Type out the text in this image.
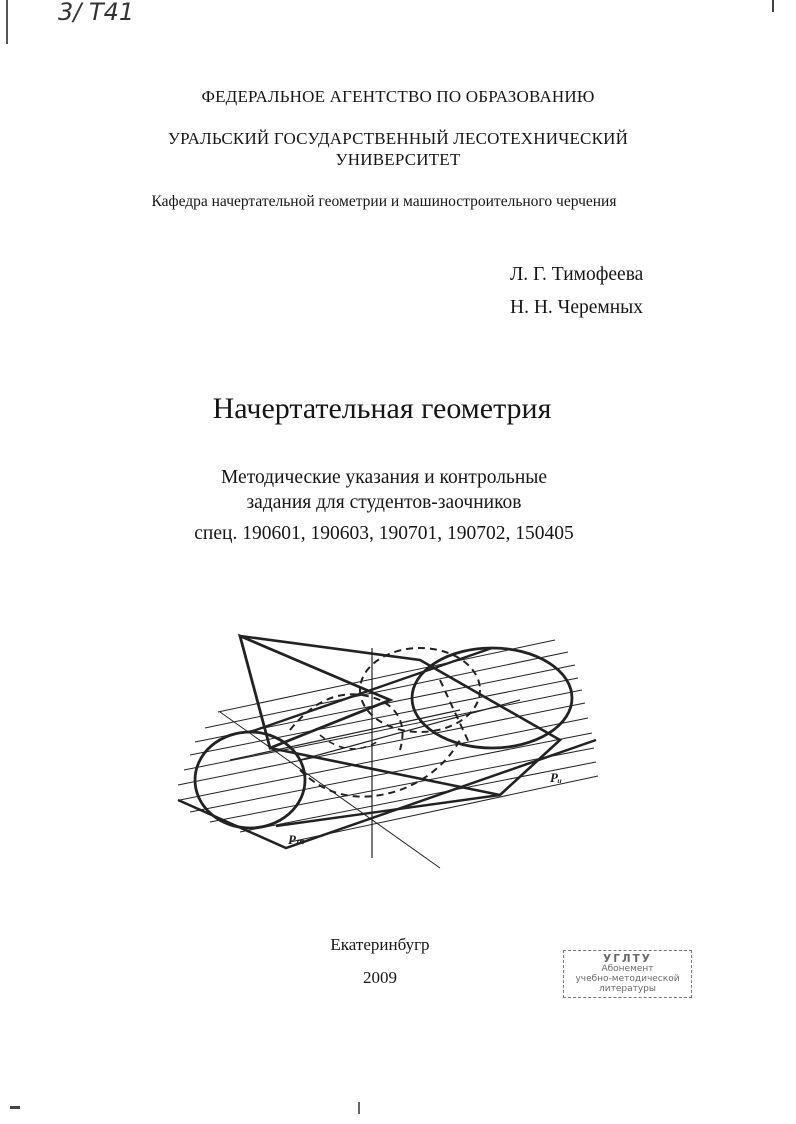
3/ Т41
ФЕДЕРАЛЬНОЕ АГЕНТСТВО ПО ОБРАЗОВАНИЮ
УРАЛЬСКИЙ ГОСУДАРСТВЕННЫЙ ЛЕСОТЕХНИЧЕСКИЙ
УНИВЕРСИТЕТ
Кафедра начертательной геометрии и машиностроительного черчения
Л. Г. Тимофеева
Н. Н. Черемных
Начертательная геометрия
Методические указания и контрольные
задания для студентов-заочников
спец. 190601, 190603, 190701, 190702, 150405
Pᵤ
Pₘ
Екатеринбугр
2009
УГЛТУ
Абонемент
учебно-методической
литературы
